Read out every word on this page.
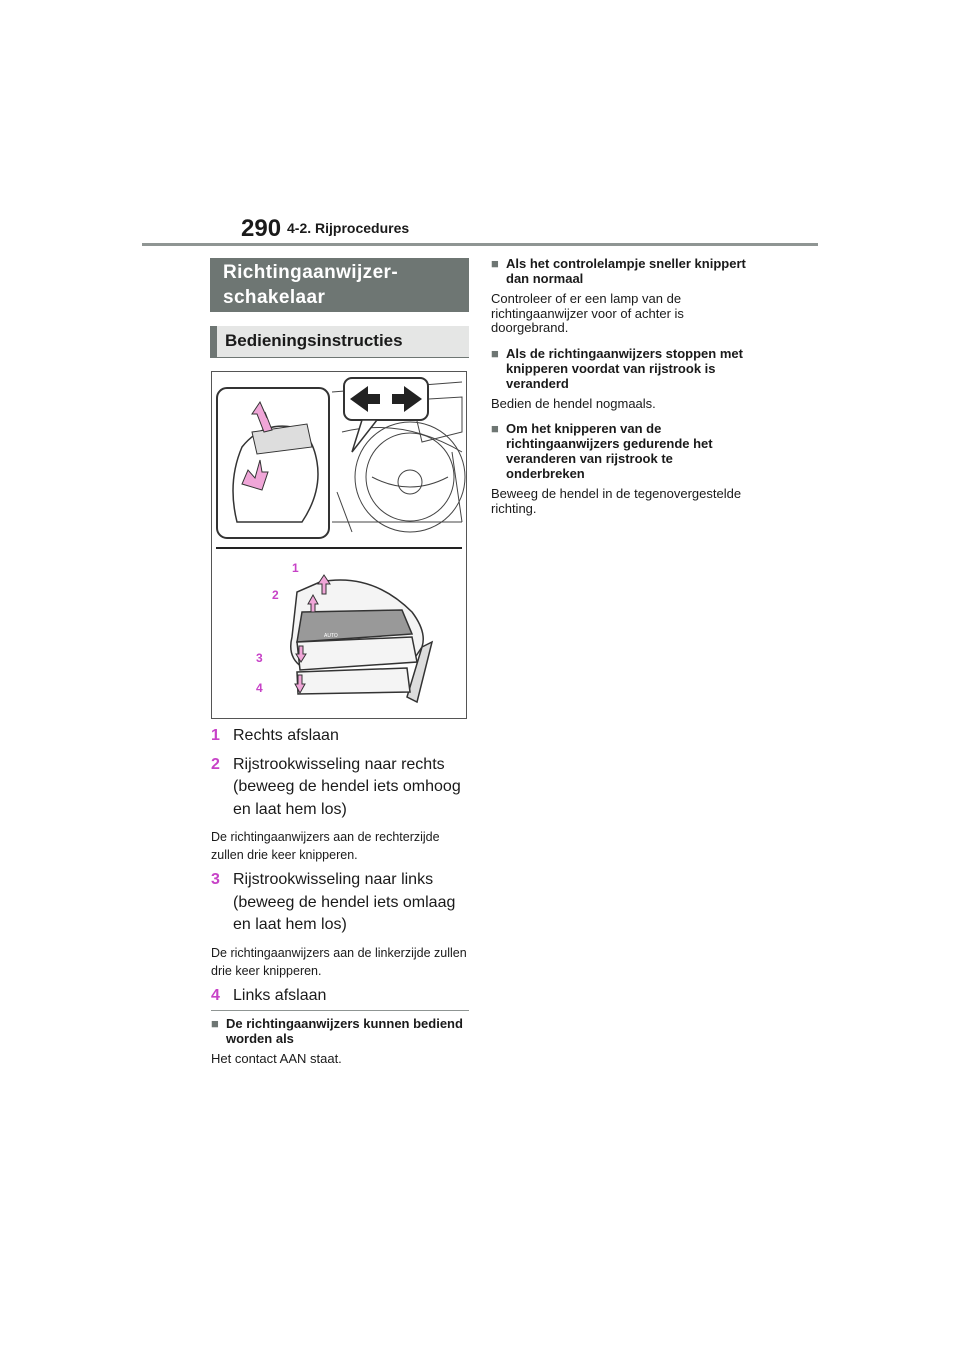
290 4-2. Rijprocedures
Richtingaanwijzer-schakelaar
Bedieningsinstructies
AUTO
1
2
3
4
1 Rechts afslaan
2 Rijstrookwisseling naar rechts (beweeg de hendel iets omhoog en laat hem los)
De richtingaanwijzers aan de rechterzijde zullen drie keer knipperen.
3 Rijstrookwisseling naar links (beweeg de hendel iets omlaag en laat hem los)
De richtingaanwijzers aan de linkerzijde zullen drie keer knipperen.
4 Links afslaan
■ De richtingaanwijzers kunnen bediend worden als
Het contact AAN staat.
■ Als het controlelampje sneller knippert dan normaal
Controleer of er een lamp van de richtingaanwijzer voor of achter is doorgebrand.
■ Als de richtingaanwijzers stoppen met knipperen voordat van rijstrook is veranderd
Bedien de hendel nogmaals.
■ Om het knipperen van de richtingaanwijzers gedurende het veranderen van rijstrook te onderbreken
Beweeg de hendel in de tegenovergestelde richting.
